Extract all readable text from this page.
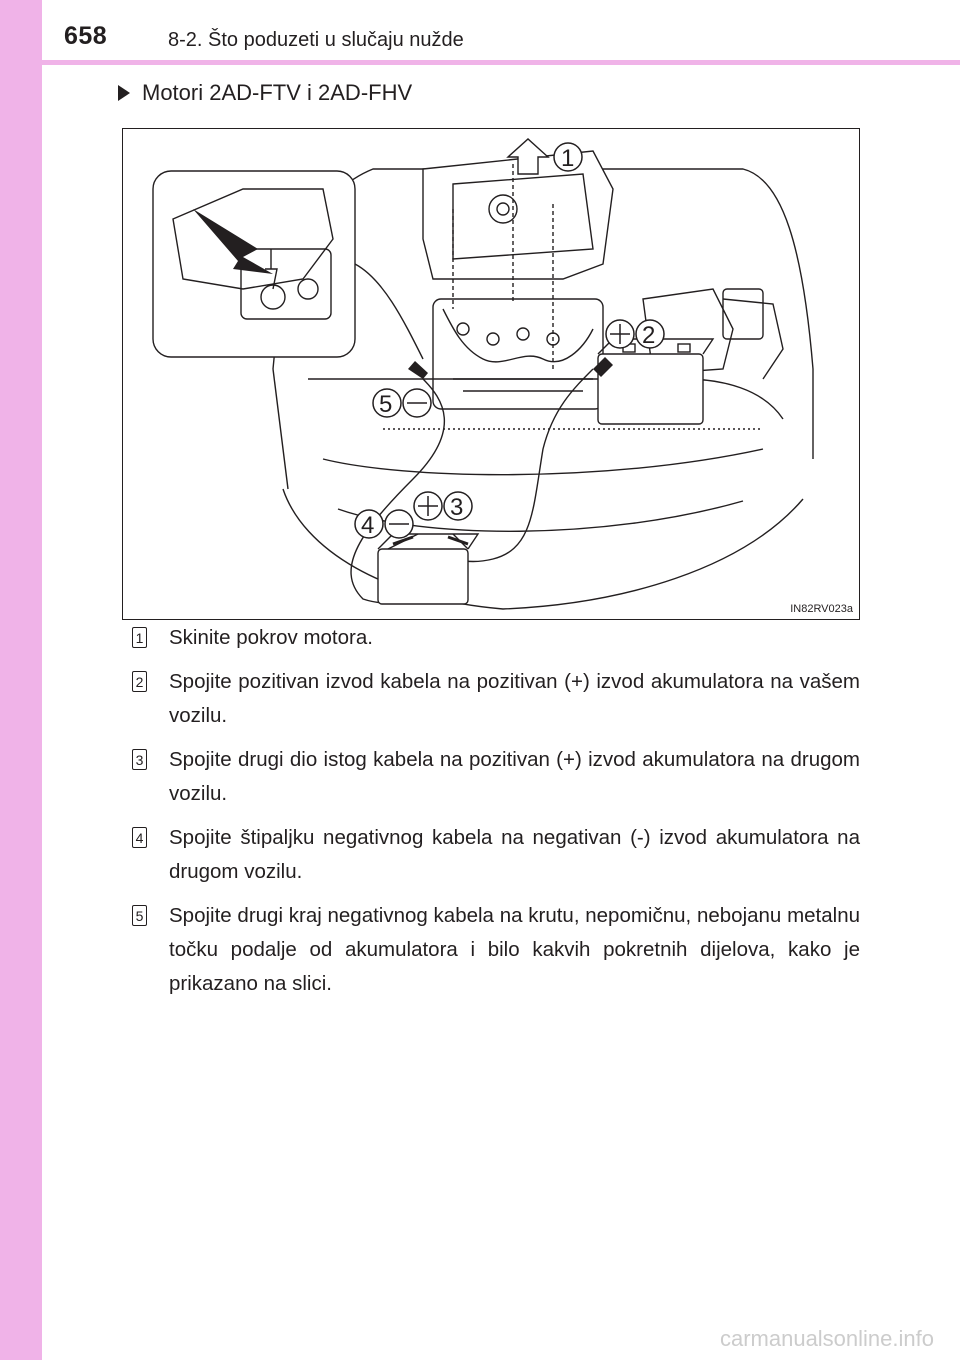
658	8-2. Što poduzeti u slučaju nužde
Motori 2AD-FTV i 2AD-FHV
1
2
3
4
5
IN82RV023a
1 Skinite pokrov motora.
2 Spojite pozitivan izvod kabela na pozitivan (+) izvod akumulatora na vašem vozilu.
3 Spojite drugi dio istog kabela na pozitivan (+) izvod akumulatora na drugom vozilu.
4 Spojite štipaljku negativnog kabela na negativan (-) izvod akumulatora na drugom vozilu.
5 Spojite drugi kraj negativnog kabela na krutu, nepomičnu, nebojanu metalnu točku podalje od akumulatora i bilo kakvih pokretnih dijelova, kako je prikazano na slici.
carmanualsonline.info
